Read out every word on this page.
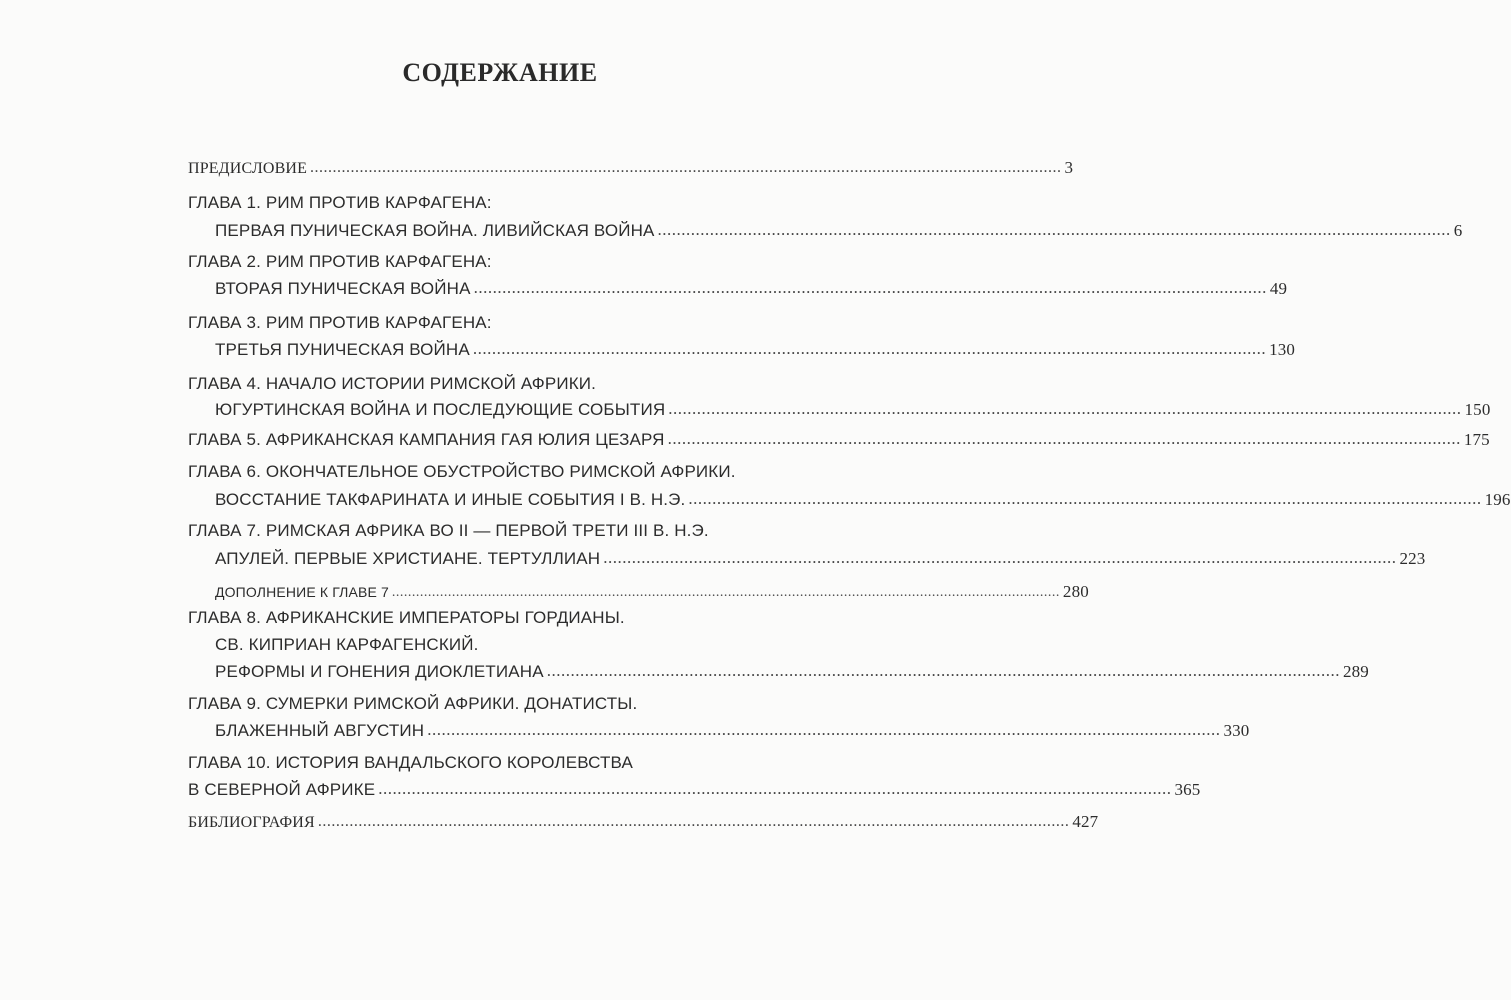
СОДЕРЖАНИЕ
ПРЕДИСЛОВИЕ ....................................................................................................................................................................... 3
ГЛАВА 1. РИМ ПРОТИВ КАРФАГЕНА:
ПЕРВАЯ ПУНИЧЕСКАЯ ВОЙНА. ЛИВИЙСКАЯ ВОЙНА ....................................................................................................................................................................... 6
ГЛАВА 2. РИМ ПРОТИВ КАРФАГЕНА:
ВТОРАЯ ПУНИЧЕСКАЯ ВОЙНА ....................................................................................................................................................................... 49
ГЛАВА 3. РИМ ПРОТИВ КАРФАГЕНА:
ТРЕТЬЯ ПУНИЧЕСКАЯ ВОЙНА ....................................................................................................................................................................... 130
ГЛАВА 4. НАЧАЛО ИСТОРИИ РИМСКОЙ АФРИКИ.
ЮГУРТИНСКАЯ ВОЙНА И ПОСЛЕДУЮЩИЕ СОБЫТИЯ ....................................................................................................................................................................... 150
ГЛАВА 5. АФРИКАНСКАЯ КАМПАНИЯ ГАЯ ЮЛИЯ ЦЕЗАРЯ ....................................................................................................................................................................... 175
ГЛАВА 6. ОКОНЧАТЕЛЬНОЕ ОБУСТРОЙСТВО РИМСКОЙ АФРИКИ.
ВОССТАНИЕ ТАКФАРИНАТА И ИНЫЕ СОБЫТИЯ I В. Н.Э. ....................................................................................................................................................................... 196
ГЛАВА 7. РИМСКАЯ АФРИКА ВО II — ПЕРВОЙ ТРЕТИ III В. Н.Э.
АПУЛЕЙ. ПЕРВЫЕ ХРИСТИАНЕ. ТЕРТУЛЛИАН ....................................................................................................................................................................... 223
ДОПОЛНЕНИЕ К ГЛАВЕ 7 ....................................................................................................................................................................... 280
ГЛАВА 8. АФРИКАНСКИЕ ИМПЕРАТОРЫ ГОРДИАНЫ.
СВ. КИПРИАН КАРФАГЕНСКИЙ.
РЕФОРМЫ И ГОНЕНИЯ ДИОКЛЕТИАНА ....................................................................................................................................................................... 289
ГЛАВА 9. СУМЕРКИ РИМСКОЙ АФРИКИ. ДОНАТИСТЫ.
БЛАЖЕННЫЙ АВГУСТИН ....................................................................................................................................................................... 330
ГЛАВА 10. ИСТОРИЯ ВАНДАЛЬСКОГО КОРОЛЕВСТВА
В СЕВЕРНОЙ АФРИКЕ ....................................................................................................................................................................... 365
БИБЛИОГРАФИЯ ....................................................................................................................................................................... 427
